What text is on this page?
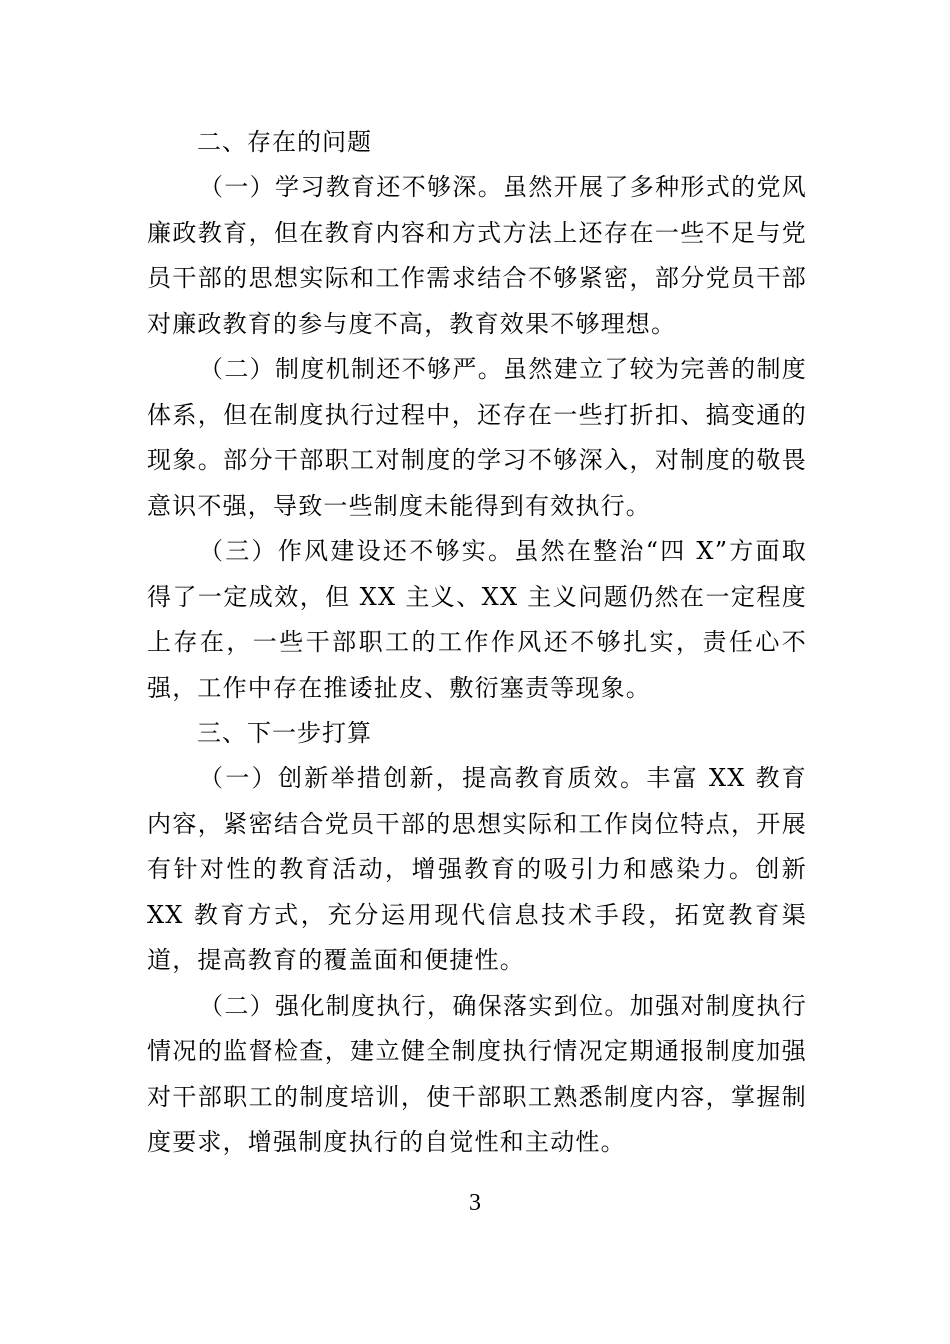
二、存在的问题

（一）学习教育还不够深。虽然开展了多种形式的党风廉政教育，但在教育内容和方式方法上还存在一些不足与党员干部的思想实际和工作需求结合不够紧密，部分党员干部对廉政教育的参与度不高，教育效果不够理想。

（二）制度机制还不够严。虽然建立了较为完善的制度体系，但在制度执行过程中，还存在一些打折扣、搞变通的现象。部分干部职工对制度的学习不够深入，对制度的敬畏意识不强，导致一些制度未能得到有效执行。

（三）作风建设还不够实。虽然在整治“四 X”方面取得了一定成效，但 XX 主义、XX 主义问题仍然在一定程度上存在，一些干部职工的工作作风还不够扎实，责任心不强，工作中存在推诿扯皮、敷衍塞责等现象。

三、下一步打算

（一）创新举措创新，提高教育质效。丰富 XX 教育内容，紧密结合党员干部的思想实际和工作岗位特点，开展有针对性的教育活动，增强教育的吸引力和感染力。创新 XX 教育方式，充分运用现代信息技术手段，拓宽教育渠道，提高教育的覆盖面和便捷性。

（二）强化制度执行，确保落实到位。加强对制度执行情况的监督检查，建立健全制度执行情况定期通报制度加强对干部职工的制度培训，使干部职工熟悉制度内容，掌握制度要求，增强制度执行的自觉性和主动性。

3
